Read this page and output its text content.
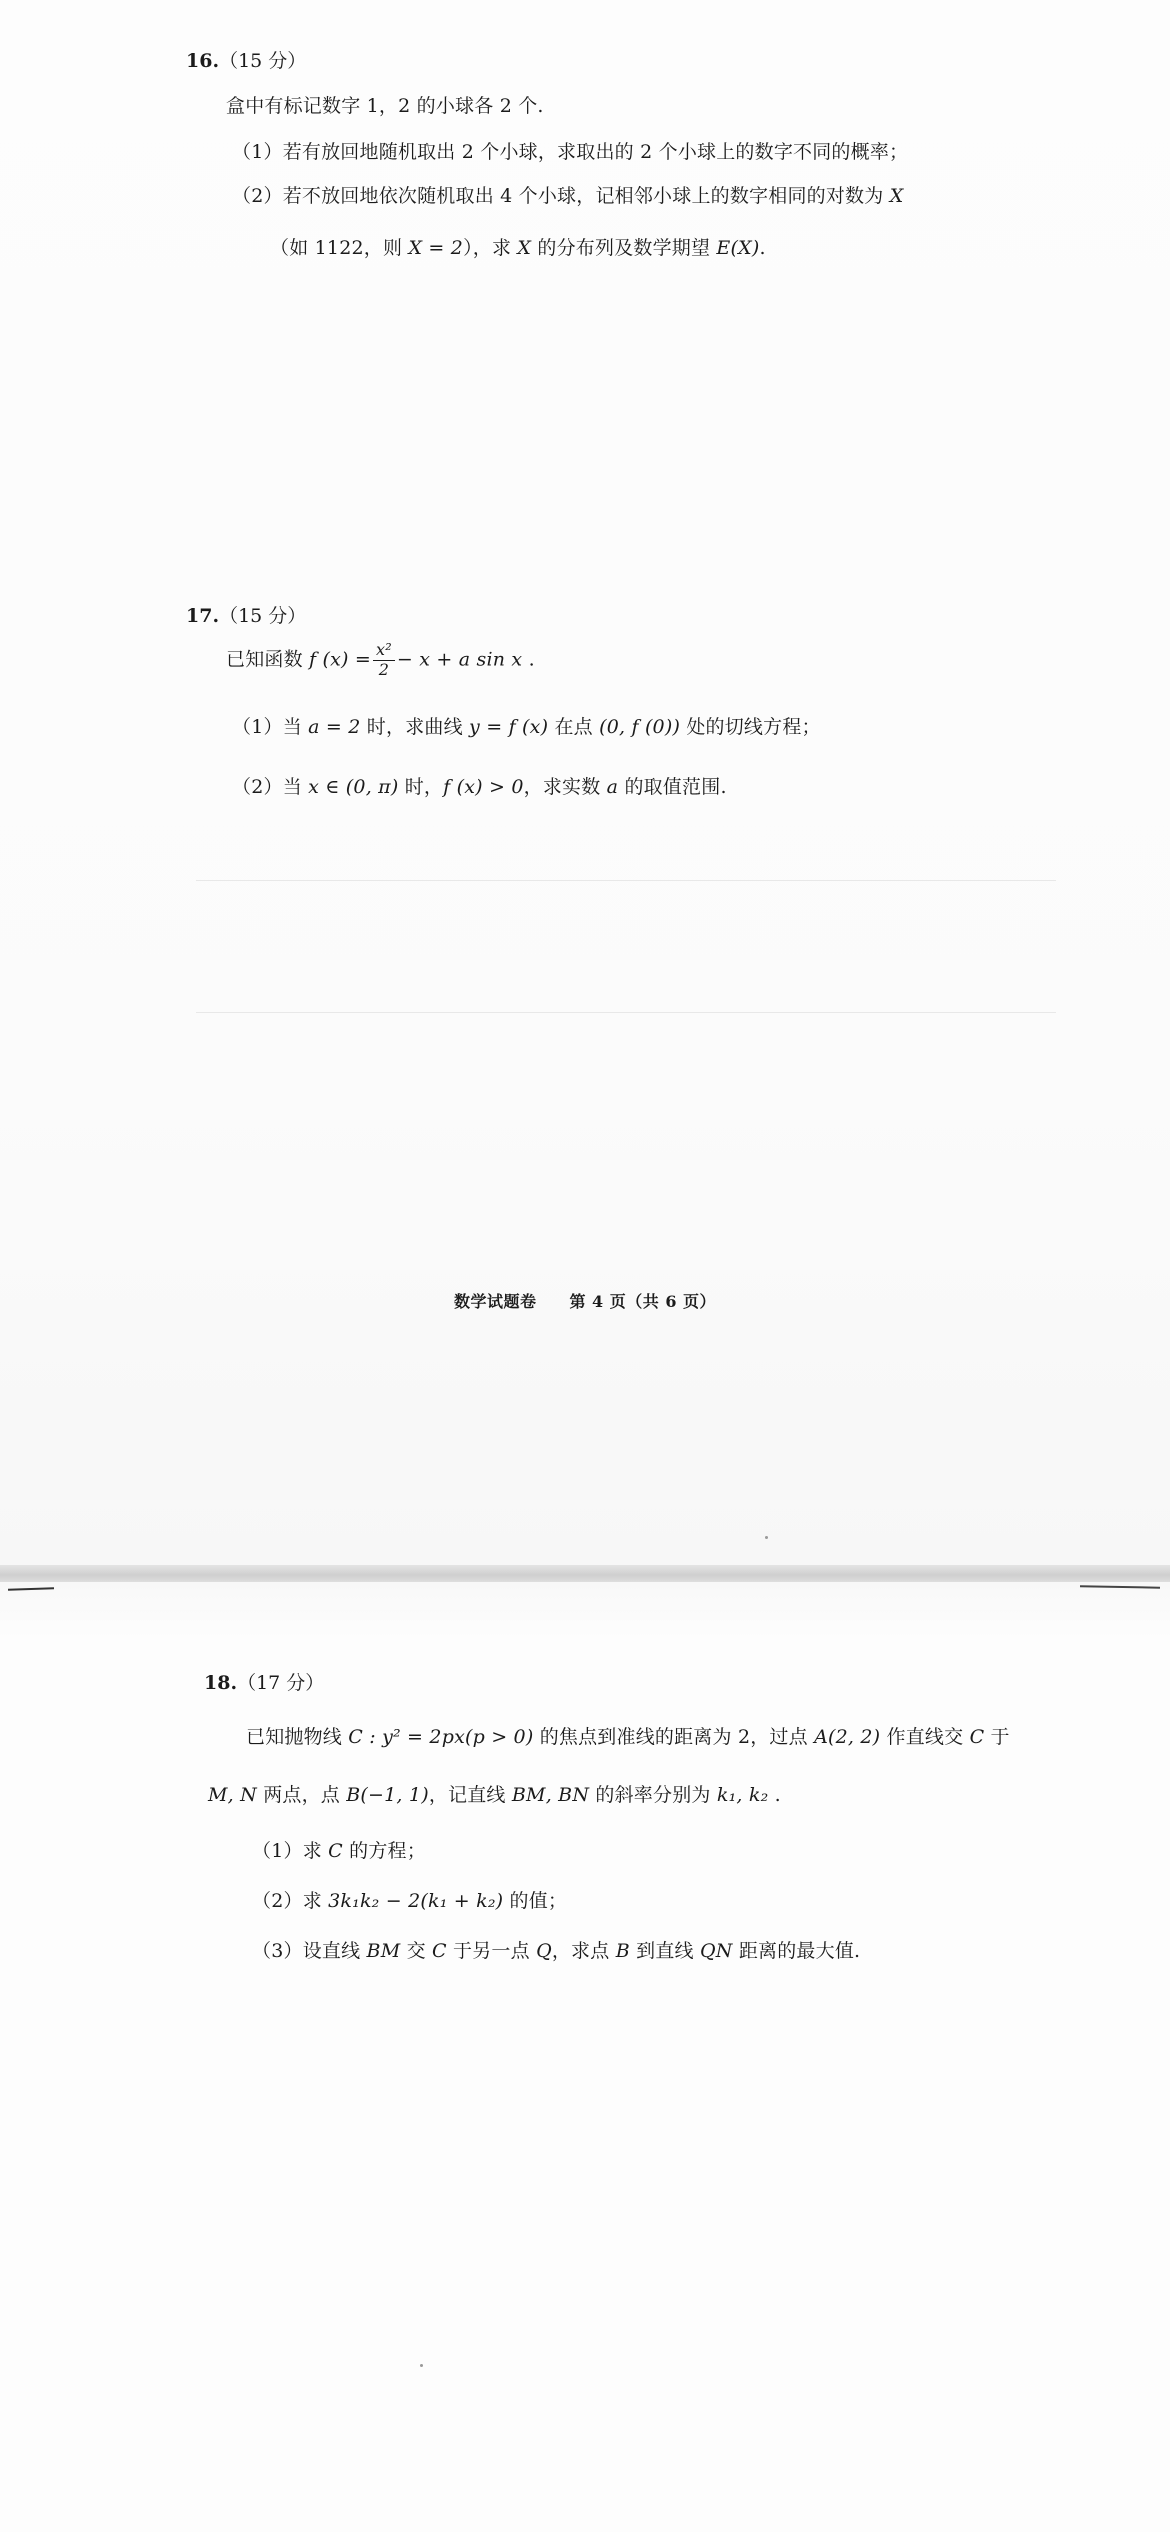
16.（15 分）
盒中有标记数字 1，2 的小球各 2 个.
（1）若有放回地随机取出 2 个小球，求取出的 2 个小球上的数字不同的概率；
（2）若不放回地依次随机取出 4 个小球，记相邻小球上的数字相同的对数为 X
（如 1122，则 X = 2），求 X 的分布列及数学期望 E(X).
17.（15 分）
已知函数 f $(x) = \frac{\text{x²}}{2} - x + a$ sin x .
（1）当 a = 2 时，求曲线 y = f (x) 在点 (0, f (0)) 处的切线方程；
（2）当 x ∈ (0, π) 时，f (x) > 0，求实数 a 的取值范围.
数学试题卷　　第 4 页（共 6 页）
18.（17 分）
已知抛物线 C : y² = 2px(p > 0) 的焦点到准线的距离为 2，过点 A(2, 2) 作直线交 C 于
M, N 两点，点 B(−1, 1)，记直线 BM, BN 的斜率分别为 k₁, k₂ .
（1）求 C 的方程；
（2）求 3k₁k₂ − 2(k₁ + k₂) 的值；
（3）设直线 BM 交 C 于另一点 Q，求点 B 到直线 QN 距离的最大值.
